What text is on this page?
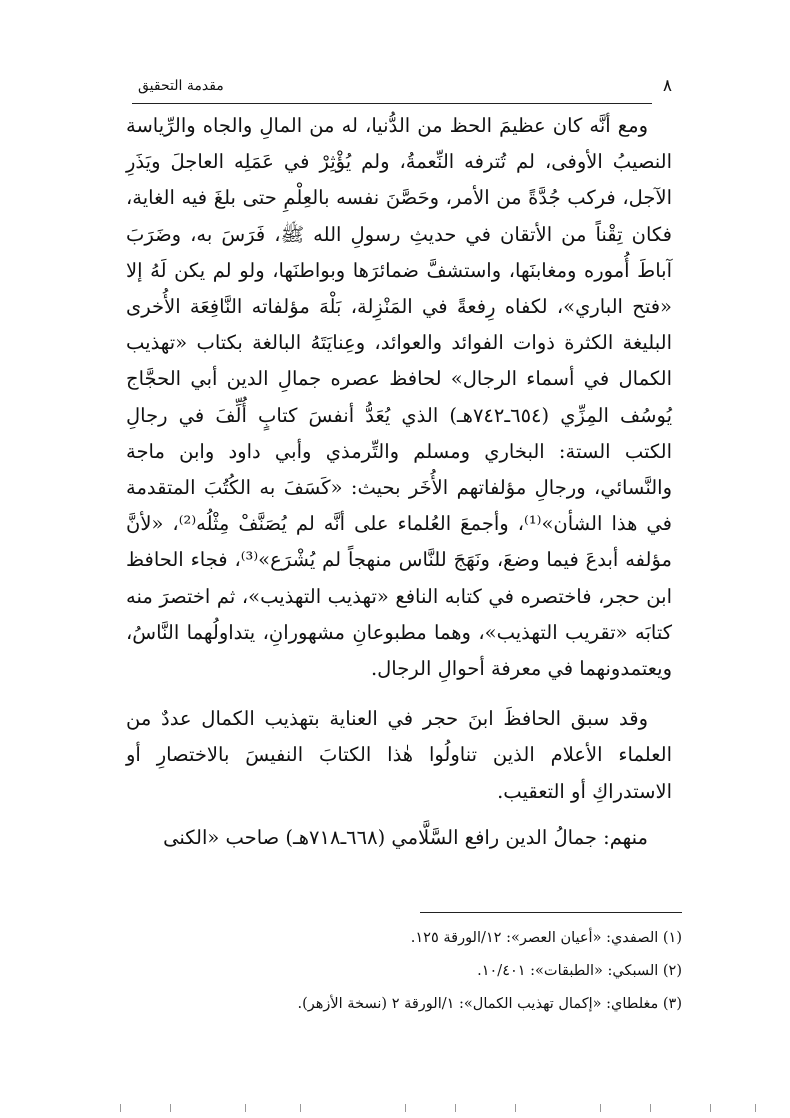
٨
مقدمة التحقيق

ومع أنَّه كان عظيمَ الحظ من الدُّنيا، له من المالِ والجاه والرِّياسة النصيبُ الأوفى، لم تُترفه النِّعمةُ، ولم يُؤْثِرْ في عَمَلِه العاجلَ ويَذَرِ الآجل، فركب جُدَّةً من الأمر، وحَصَّنَ نفسه بالعِلْمِ حتى بلغَ فيه الغاية، فكان تِقْناً من الأتقان في حديثِ رسولِ الله ﷺ، فَرَسَ به، وضَرَبَ آباطَ أُموره ومغابنَها، واستشفَّ ضمائرَها وبواطنَها، ولو لم يكن لَهُ إلا «فتح الباري»، لكفاه رِفعةً في المَنْزِلة، بَلْهَ مؤلفاته النَّافِعَة الأُخرى البليغة الكثرة ذوات الفوائد والعوائد، وعِنايَتَهُ البالغة بكتاب «تهذيب الكمال في أسماء الرجال» لحافظ عصره جمالِ الدين أبي الحجَّاج يُوسُف المِزِّي (٦٥٤ـ٧٤٢هـ) الذي يُعَدُّ أنفسَ كتابٍ أُلِّفَ في رجالِ الكتب الستة: البخاري ومسلم والتِّرمذي وأبي داود وابن ماجة والنَّسائي، ورجالِ مؤلفاتهم الأُخَر بحيث: «كَسَفَ به الكُتُبَ المتقدمة في هذا الشأن»⁽¹⁾، وأجمعَ العُلماء على أنَّه لم يُصَنَّفْ مِثْلُه⁽²⁾، «لأنَّ مؤلفه أبدعَ فيما وضعَ، ونَهَجَ للنَّاس منهجاً لم يُشْرَع»⁽³⁾، فجاء الحافظ ابن حجر، فاختصره في كتابه النافع «تهذيب التهذيب»، ثم اختصرَ منه كتابَه «تقريب التهذيب»، وهما مطبوعانِ مشهورانِ، يتداولُهما النَّاسُ، ويعتمدونهما في معرفة أحوالِ الرجال.

وقد سبق الحافظَ ابنَ حجر في العناية بتهذيب الكمال عددٌ من العلماء الأعلام الذين تناولُوا هٰذا الكتابَ النفيسَ بالاختصارِ أو الاستدراكِ أو التعقيب.

منهم: جمالُ الدين رافع السَّلَّامي (٦٦٨ـ٧١٨هـ) صاحب «الكنى

(١) الصفدي: «أعيان العصر»: ١٢/الورقة ١٢٥.
(٢) السبكي: «الطبقات»: ١٠/٤٠١.
(٣) مغلطاي: «إكمال تهذيب الكمال»: ١/الورقة ٢ (نسخة الأزهر).
